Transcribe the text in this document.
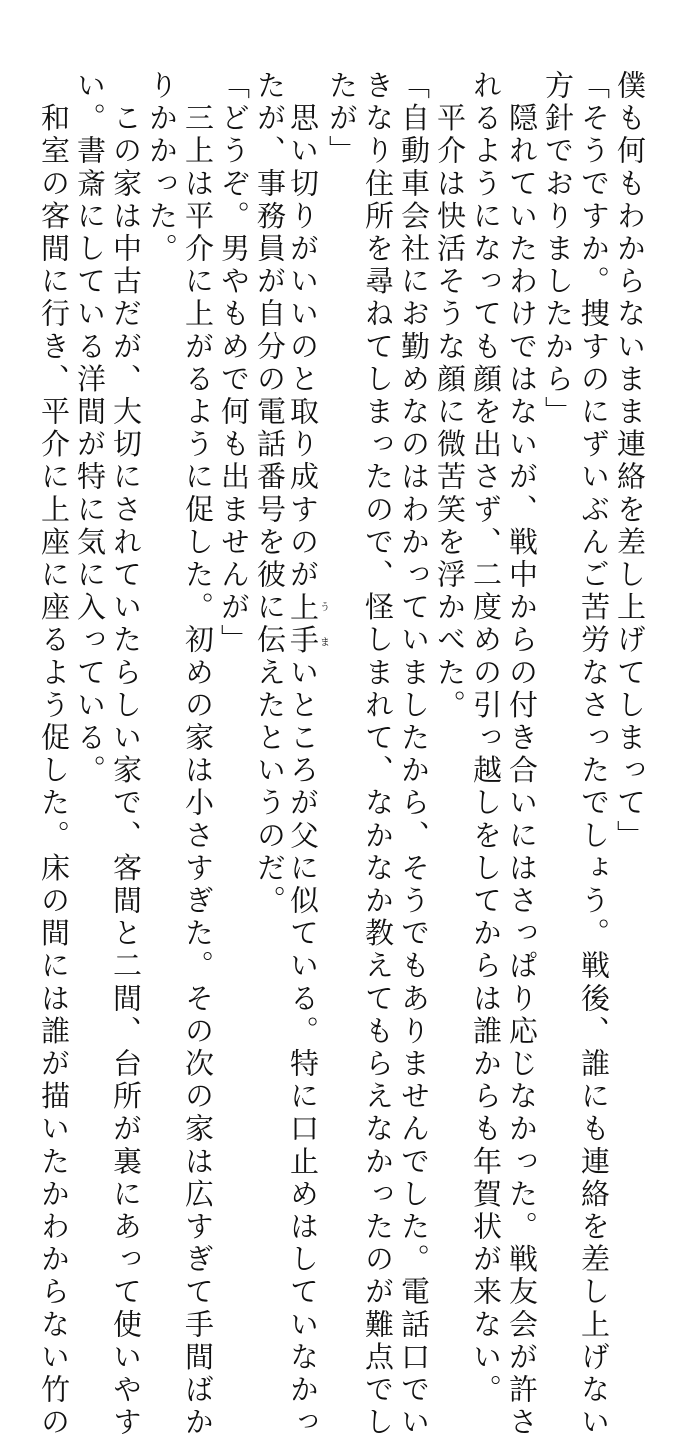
僕も何もわからないまま連絡を差し上げてしまって」
「そうですか。捜すのにずいぶんご苦労なさったでしょう。戦後、誰にも連絡を差し上げない
方針でおりましたから」
　隠れていたわけではないが、戦中からの付き合いにはさっぱり応じなかった。戦友会が許さ
れるようになっても顔を出さず、二度めの引っ越しをしてからは誰からも年賀状が来ない。
　平介は快活そうな顔に微苦笑を浮かべた。
「自動車会社にお勤めなのはわかっていましたから、そうでもありませんでした。電話口でい
きなり住所を尋ねてしまったので、怪しまれて、なかなか教えてもらえなかったのが難点でし
たが」
　思い切りがいいのと取り成すのが上手うまいところが父に似ている。特に口止めはしていなかっ
たが、事務員が自分の電話番号を彼に伝えたというのだ。
「どうぞ。男やもめで何も出ませんが」
　三上は平介に上がるように促した。初めの家は小さすぎた。その次の家は広すぎて手間ばか
りかかった。
　この家は中古だが、大切にされていたらしい家で、客間と二間、台所が裏にあって使いやす
い。書斎にしている洋間が特に気に入っている。
　和室の客間に行き、平介に上座に座るよう促した。床の間には誰が描いたかわからない竹の
